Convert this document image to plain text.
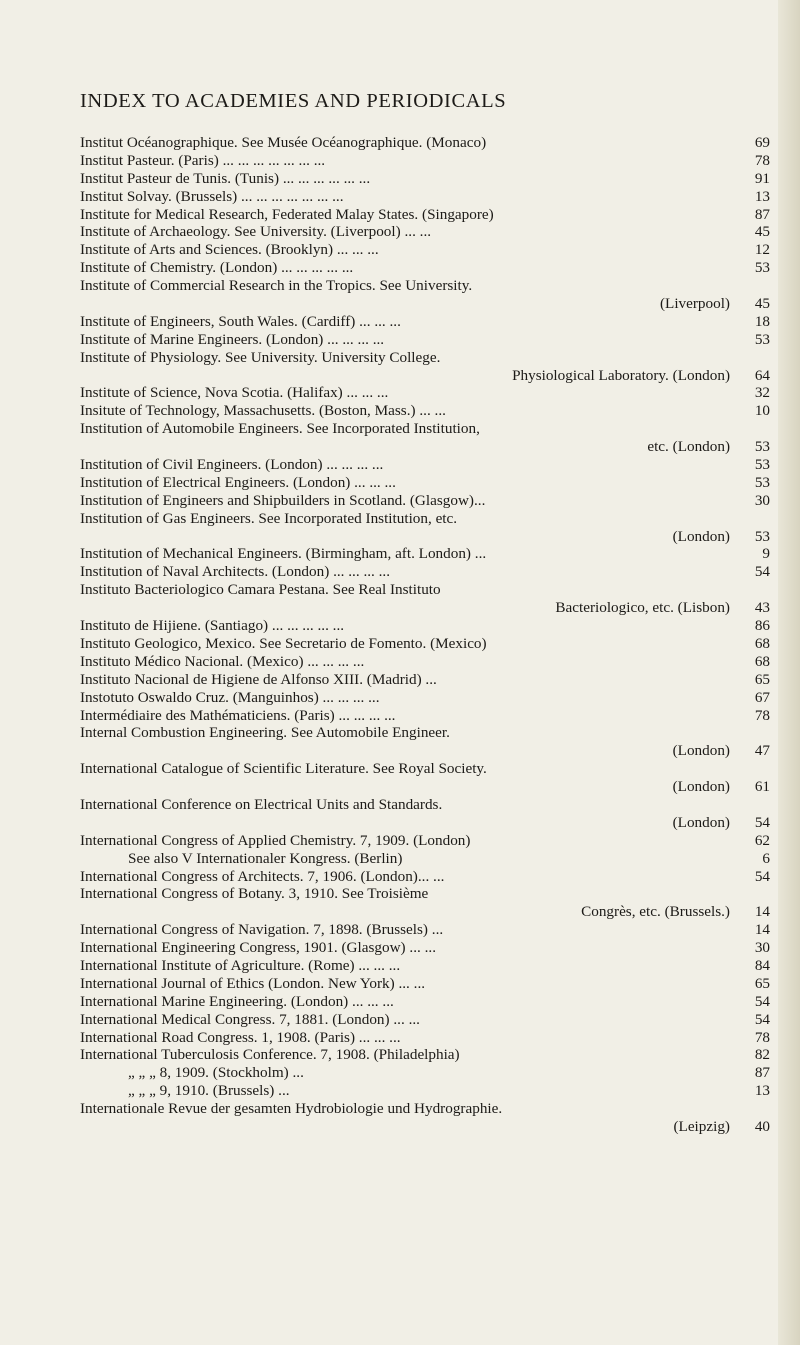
INDEX TO ACADEMIES AND PERIODICALS
Institut Océanographique. See Musée Océanographique. (Monaco)	69
Institut Pasteur. (Paris) ... ... ... ... ... ... ...	78
Institut Pasteur de Tunis. (Tunis) ... ... ... ... ... ...	91
Institut Solvay. (Brussels) ... ... ... ... ... ... ...	13
Institute for Medical Research, Federated Malay States. (Singapore)	87
Institute of Archaeology. See University. (Liverpool) ... ...	45
Institute of Arts and Sciences. (Brooklyn) ... ... ...	12
Institute of Chemistry. (London) ... ... ... ... ...	53
Institute of Commercial Research in the Tropics. See University.
(Liverpool)	45
Institute of Engineers, South Wales. (Cardiff) ... ... ...	18
Institute of Marine Engineers. (London) ... ... ... ...	53
Institute of Physiology. See University. University College.
Physiological Laboratory. (London)	64
Institute of Science, Nova Scotia. (Halifax) ... ... ...	32
Insitute of Technology, Massachusetts. (Boston, Mass.) ... ...	10
Institution of Automobile Engineers. See Incorporated Institution,
etc. (London)	53
Institution of Civil Engineers. (London) ... ... ... ...	53
Institution of Electrical Engineers. (London) ... ... ...	53
Institution of Engineers and Shipbuilders in Scotland. (Glasgow)...	30
Institution of Gas Engineers. See Incorporated Institution, etc.
(London)	53
Institution of Mechanical Engineers. (Birmingham, aft. London) ...	9
Institution of Naval Architects. (London) ... ... ... ...	54
Instituto Bacteriologico Camara Pestana. See Real Instituto
Bacteriologico, etc. (Lisbon)	43
Instituto de Hijiene. (Santiago) ... ... ... ... ...	86
Instituto Geologico, Mexico. See Secretario de Fomento. (Mexico)	68
Instituto Médico Nacional. (Mexico) ... ... ... ...	68
Instituto Nacional de Higiene de Alfonso XIII. (Madrid) ...	65
Instotuto Oswaldo Cruz. (Manguinhos) ... ... ... ...	67
Intermédiaire des Mathématiciens. (Paris) ... ... ... ...	78
Internal Combustion Engineering. See Automobile Engineer.
(London)	47
International Catalogue of Scientific Literature. See Royal Society.
(London)	61
International Conference on Electrical Units and Standards.
(London)	54
International Congress of Applied Chemistry. 7, 1909. (London)	62
See also V Internationaler Kongress. (Berlin)	6
International Congress of Architects. 7, 1906. (London)... ...	54
International Congress of Botany. 3, 1910. See Troisième
Congrès, etc. (Brussels.)	14
International Congress of Navigation. 7, 1898. (Brussels) ...	14
International Engineering Congress, 1901. (Glasgow) ... ...	30
International Institute of Agriculture. (Rome) ... ... ...	84
International Journal of Ethics (London. New York) ... ...	65
International Marine Engineering. (London) ... ... ...	54
International Medical Congress. 7, 1881. (London) ... ...	54
International Road Congress. 1, 1908. (Paris) ... ... ...	78
International Tuberculosis Conference. 7, 1908. (Philadelphia)	82
„ „ „ 8, 1909. (Stockholm) ...	87
„ „ „ 9, 1910. (Brussels) ...	13
Internationale Revue der gesamten Hydrobiologie und Hydrographie.
(Leipzig)	40
